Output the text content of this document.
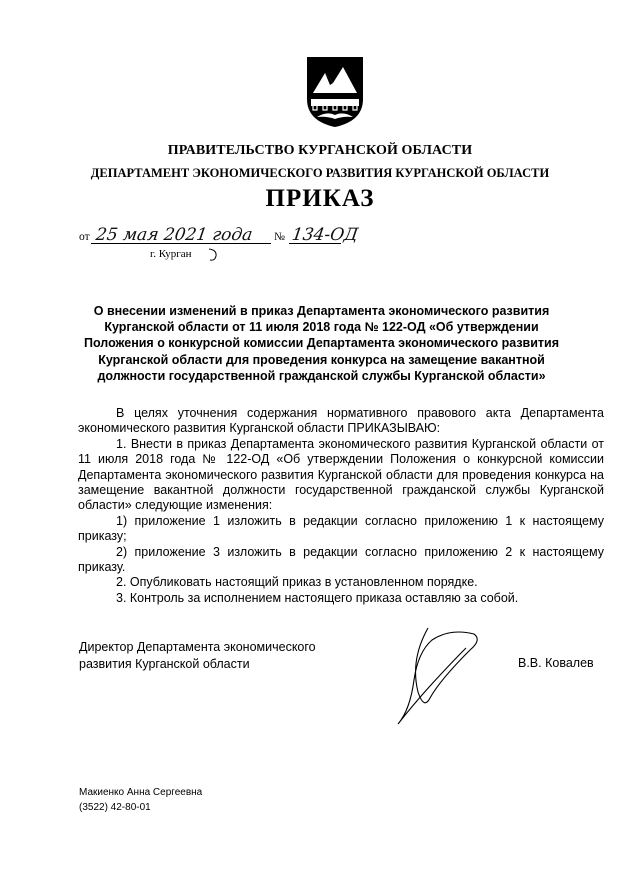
ПРАВИТЕЛЬСТВО КУРГАНСКОЙ ОБЛАСТИ
ДЕПАРТАМЕНТ ЭКОНОМИЧЕСКОГО РАЗВИТИЯ КУРГАНСКОЙ ОБЛАСТИ
ПРИКАЗ
от 25 мая 2021 года № 134-ОД
г. Курган
О внесении изменений в приказ Департамента экономического развития Курганской области от 11 июля 2018 года № 122-ОД «Об утверждении Положения о конкурсной комиссии Департамента экономического развития Курганской области для проведения конкурса на замещение вакантной должности государственной гражданской службы Курганской области»

В целях уточнения содержания нормативного правового акта Департамента экономического развития Курганской области ПРИКАЗЫВАЮ:

1. Внести в приказ Департамента экономического развития Курганской области от 11 июля 2018 года № 122-ОД «Об утверждении Положения о конкурсной комиссии Департамента экономического развития Курганской области для проведения конкурса на замещение вакантной должности государственной гражданской службы Курганской области» следующие изменения:

1) приложение 1 изложить в редакции согласно приложению 1 к настоящему приказу;

2) приложение 3 изложить в редакции согласно приложению 2 к настоящему приказу.

2. Опубликовать настоящий приказ в установленном порядке.

3. Контроль за исполнением настоящего приказа оставляю за собой.

Директор Департамента экономического
развития Курганской области	В.В. Ковалев
Макиенко Анна Сергеевна
(3522) 42-80-01
